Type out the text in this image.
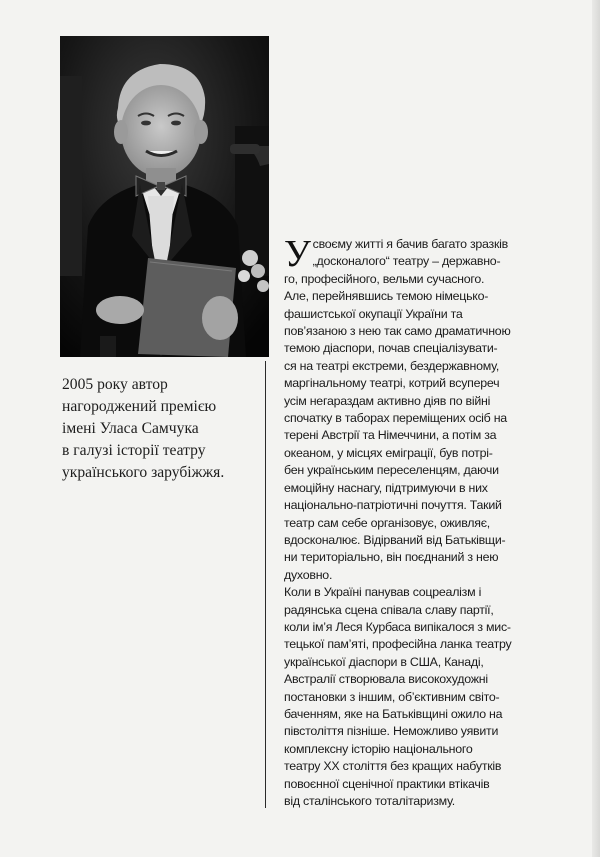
2005 року автор
нагороджений премією
імені Уласа Самчука
в галузі історії театру
українського зарубіжжя.

У своєму житті я бачив багато зразків
„досконалого“ театру – державно-
го, професійного, вельми сучасного.
Але, перейнявшись темою німецько-
фашистської окупації України та
пов’язаною з нею так само драматичною
темою діаспори, почав спеціалізувати-
ся на театрі екстреми, бездержавному,
маргінальному театрі, котрий всупереч
усім негараздам активно діяв по війні
спочатку в таборах переміщених осіб на
терені Австрії та Німеччини, а потім за
океаном, у місцях еміграції, був потрі-
бен українським переселенцям, даючи
емоційну наснагу, підтримуючи в них
національно-патріотичні почуття. Такий
театр сам себе організовує, оживляє,
вдосконалює. Відірваний від Батьківщи-
ни територіально, він поєднаний з нею
духовно.
Коли в Україні панував соцреалізм і
радянська сцена співала славу партії,
коли ім’я Леся Курбаса випікалося з мис-
тецької пам’яті, професійна ланка театру
української діаспори в США, Канаді,
Австралії створювала високохудожні
постановки з іншим, об’єктивним світо-
баченням, яке на Батьківщині ожило на
півстоліття пізніше. Неможливо уявити
комплексну історію національного
театру XX століття без кращих набутків
повоєнної сценічної практики втікачів
від сталінського тоталітаризму.
